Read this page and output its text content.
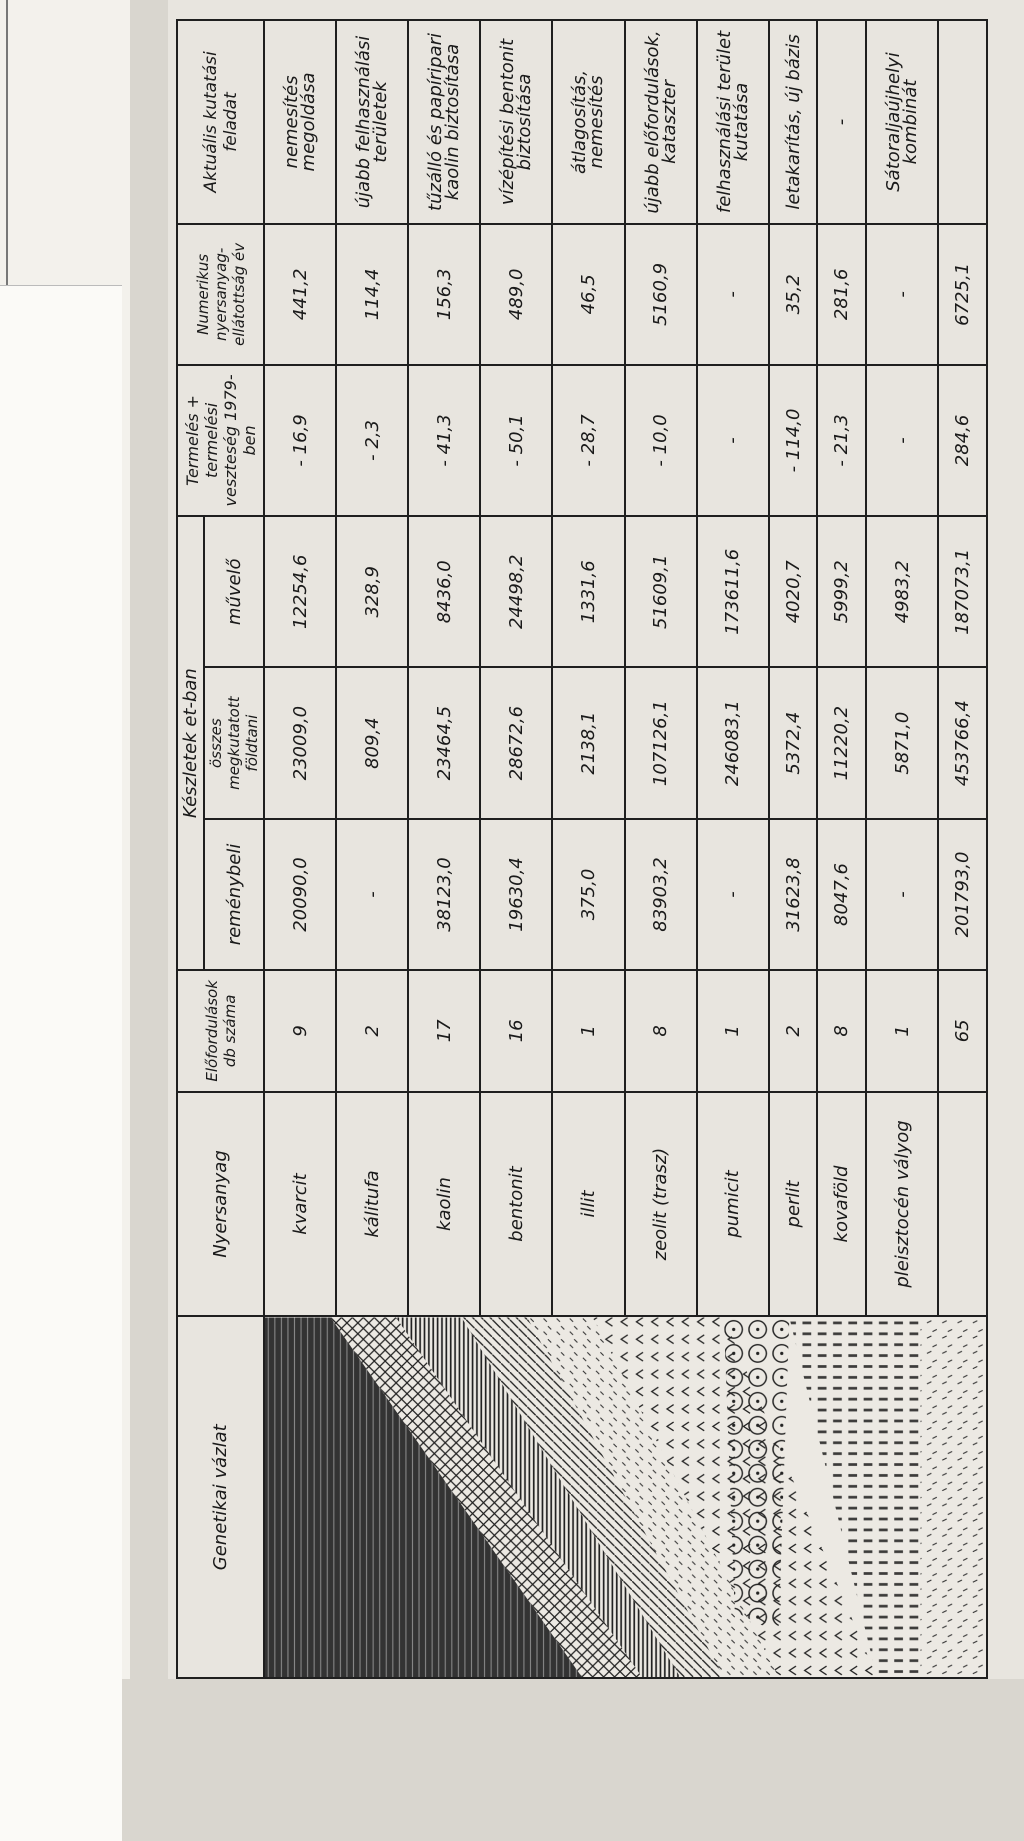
Genetikai vázlat	Nyersanyag	Előfordulások db száma	Készletek et-ban			Termelés + termelési veszteség 1979-ben	Numerikus nyersanyag-ellátottság év	Aktuális kutatási feladat
			reménybeli	összes megkutatott földtani	művelő			

	kvarcit	9	20090,0	23009,0	12254,6	- 16,9	441,2	nemesítés megoldása
	kálitufa	2	-	809,4	328,9	- 2,3	114,4	újabb felhasználási területek
	kaolin	17	38123,0	23464,5	8436,0	- 41,3	156,3	tűzálló és papíripari kaolin biztosítása
	bentonit	16	19630,4	28672,6	24498,2	- 50,1	489,0	vízépítési bentonit biztosítása
	illit	1	375,0	2138,1	1331,6	- 28,7	46,5	átlagosítás, nemesítés
	zeolit (trasz)	8	83903,2	107126,1	51609,1	- 10,0	5160,9	újabb előfordulások, kataszter
	pumicit	1	-	246083,1	173611,6	-	-	felhasználási terület kutatása
	perlit	2	31623,8	5372,4	4020,7	- 114,0	35,2	letakarítás, új bázis
	kovaföld	8	8047,6	11220,2	5999,2	- 21,3	281,6	-
	pleisztocén vályog	1	-	5871,0	4983,2	-	-	Sátoraljaújhelyi kombinát
		65	201793,0	453766,4	187073,1	284,6	6725,1	
